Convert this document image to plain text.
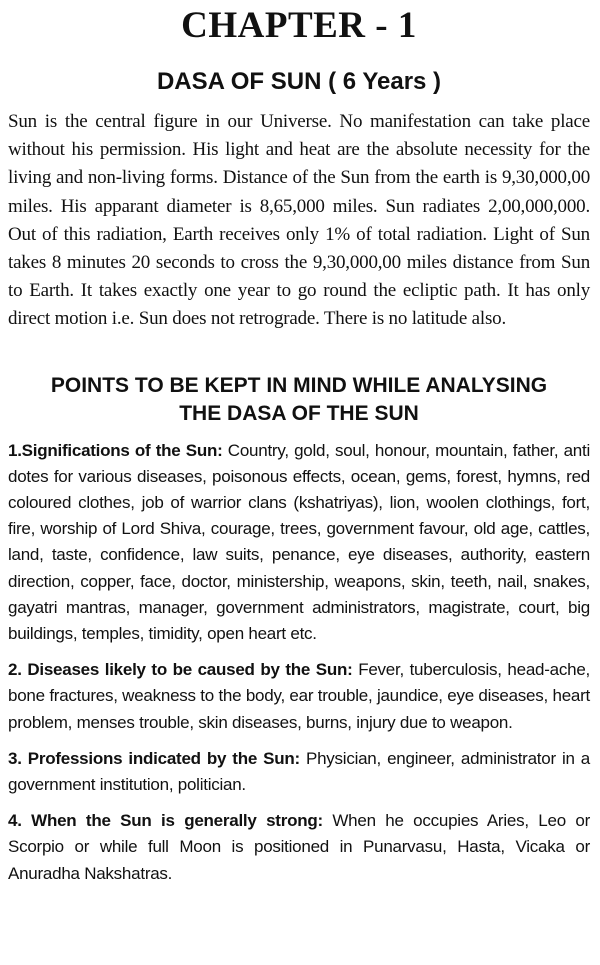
CHAPTER - 1
DASA OF SUN ( 6 Years )

Sun is the central figure in our Universe. No manifestation can take place without his permission. His light and heat are the absolute necessity for the living and non-living forms. Distance of the Sun from the earth is 9,30,000,00 miles. His apparant diameter is 8,65,000 miles. Sun radiates 2,00,000,000. Out of this radiation, Earth receives only 1% of total radiation. Light of Sun takes 8 minutes 20 seconds to cross the 9,30,000,00 miles distance from Sun to Earth. It takes exactly one year to go round the ecliptic path. It has only direct motion i.e. Sun does not retrograde. There is no latitude also.

POINTS TO BE KEPT IN MIND WHILE ANALYSING
THE DASA OF THE SUN

1.Significations of the Sun: Country, gold, soul, honour, mountain, father, anti dotes for various diseases, poisonous effects, ocean, gems, forest, hymns, red coloured clothes, job of warrior clans (kshatriyas), lion, woolen clothings, fort, fire, worship of Lord Shiva, courage, trees, government favour, old age, cattles, land, taste, confidence, law suits, penance, eye diseases, authority, eastern direction, copper, face, doctor, ministership, weapons, skin, teeth, nail, snakes, gayatri mantras, manager, government administrators, magistrate, court, big buildings, temples, timidity, open heart etc.

2. Diseases likely to be caused by the Sun: Fever, tuberculosis, head-ache, bone fractures, weakness to the body, ear trouble, jaundice, eye diseases, heart problem, menses trouble, skin diseases, burns, injury due to weapon.

3. Professions indicated by the Sun: Physician, engineer, administrator in a government institution, politician.

4. When the Sun is generally strong: When he occupies Aries, Leo or Scorpio or while full Moon is positioned in Punarvasu, Hasta, Vicaka or Anuradha Nakshatras.
